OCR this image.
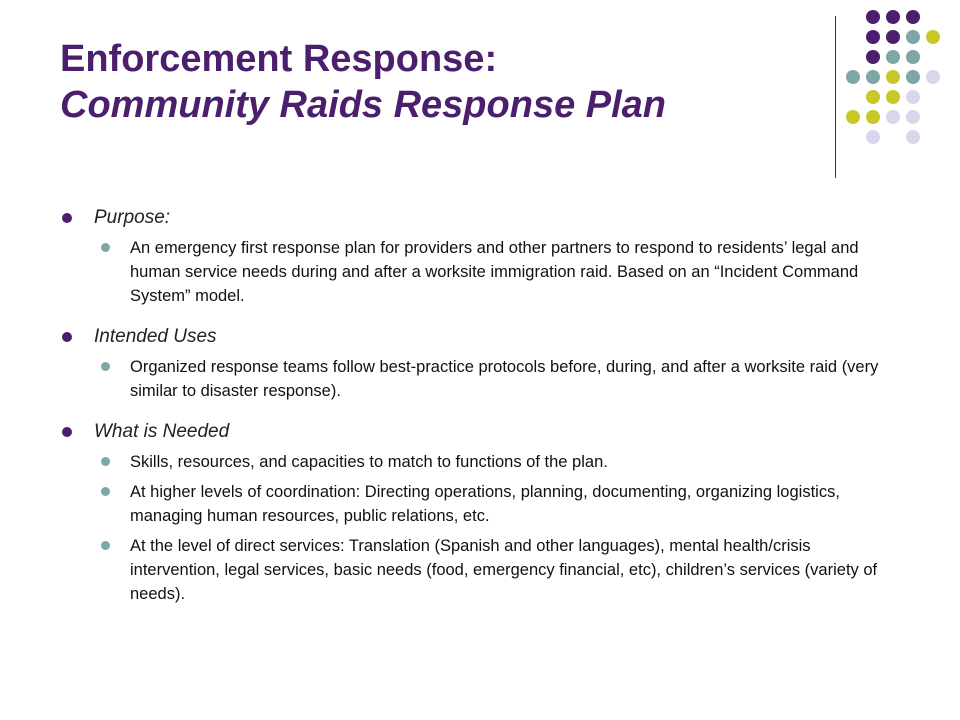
Enforcement Response:
Community Raids Response Plan
Purpose:
An emergency first response plan for providers and other partners to respond to residents’ legal and human service needs during and after a worksite immigration raid. Based on an “Incident Command System” model.
Intended Uses
Organized response teams follow best-practice protocols before, during, and after a worksite raid (very similar to disaster response).
What is Needed
Skills, resources, and capacities to match to functions of the plan.
At higher levels of coordination: Directing operations, planning, documenting, organizing logistics, managing human resources, public relations, etc.
At the level of direct services: Translation (Spanish and other languages), mental health/crisis intervention, legal services, basic needs (food, emergency financial, etc), children’s services (variety of needs).
